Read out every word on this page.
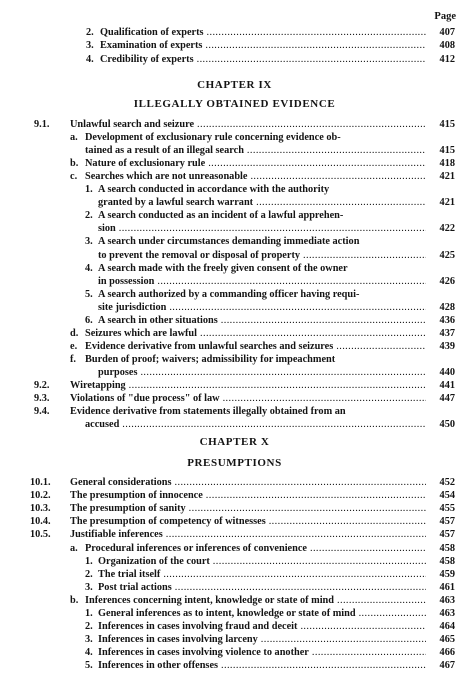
Page
2. Qualification of experts .....	407
3. Examination of experts .....	408
4. Credibility of experts .....	412
CHAPTER IX
ILLEGALLY OBTAINED EVIDENCE
9.1. Unlawful search and seizure .....	415
a. Development of exclusionary rule concerning evidence ob-
tained as a result of an illegal search .....	415
b. Nature of exclusionary rule .....	418
c. Searches which are not unreasonable .....	421
1. A search conducted in accordance with the authority
granted by a lawful search warrant .....	421
2. A search conducted as an incident of a lawful apprehen-
sion .....	422
3. A search under circumstances demanding immediate action
to prevent the removal or disposal of property .....	425
4. A search made with the freely given consent of the owner
in possession .....	426
5. A search authorized by a commanding officer having requi-
site jurisdiction .....	428
6. A search in other situations .....	436
d. Seizures which are lawful .....	437
e. Evidence derivative from unlawful searches and seizures .....	439
f. Burden of proof; waivers; admissibility for impeachment
purposes .....	440
9.2. Wiretapping .....	441
9.3. Violations of "due process" of law .....	447
9.4. Evidence derivative from statements illegally obtained from an
accused .....	450
CHAPTER X
PRESUMPTIONS
10.1. General considerations .....	452
10.2. The presumption of innocence .....	454
10.3. The presumption of sanity .....	455
10.4. The presumption of competency of witnesses .....	457
10.5. Justifiable inferences .....	457
a. Procedural inferences or inferences of convenience .....	458
1. Organization of the court .....	458
2. The trial itself .....	459
3. Post trial actions .....	461
b. Inferences concerning intent, knowledge or state of mind .....	463
1. General inferences as to intent, knowledge or state of mind .....	463
2. Inferences in cases involving fraud and deceit .....	464
3. Inferences in cases involving larceny .....	465
4. Inferences in cases involving violence to another .....	466
5. Inferences in other offenses .....	467
